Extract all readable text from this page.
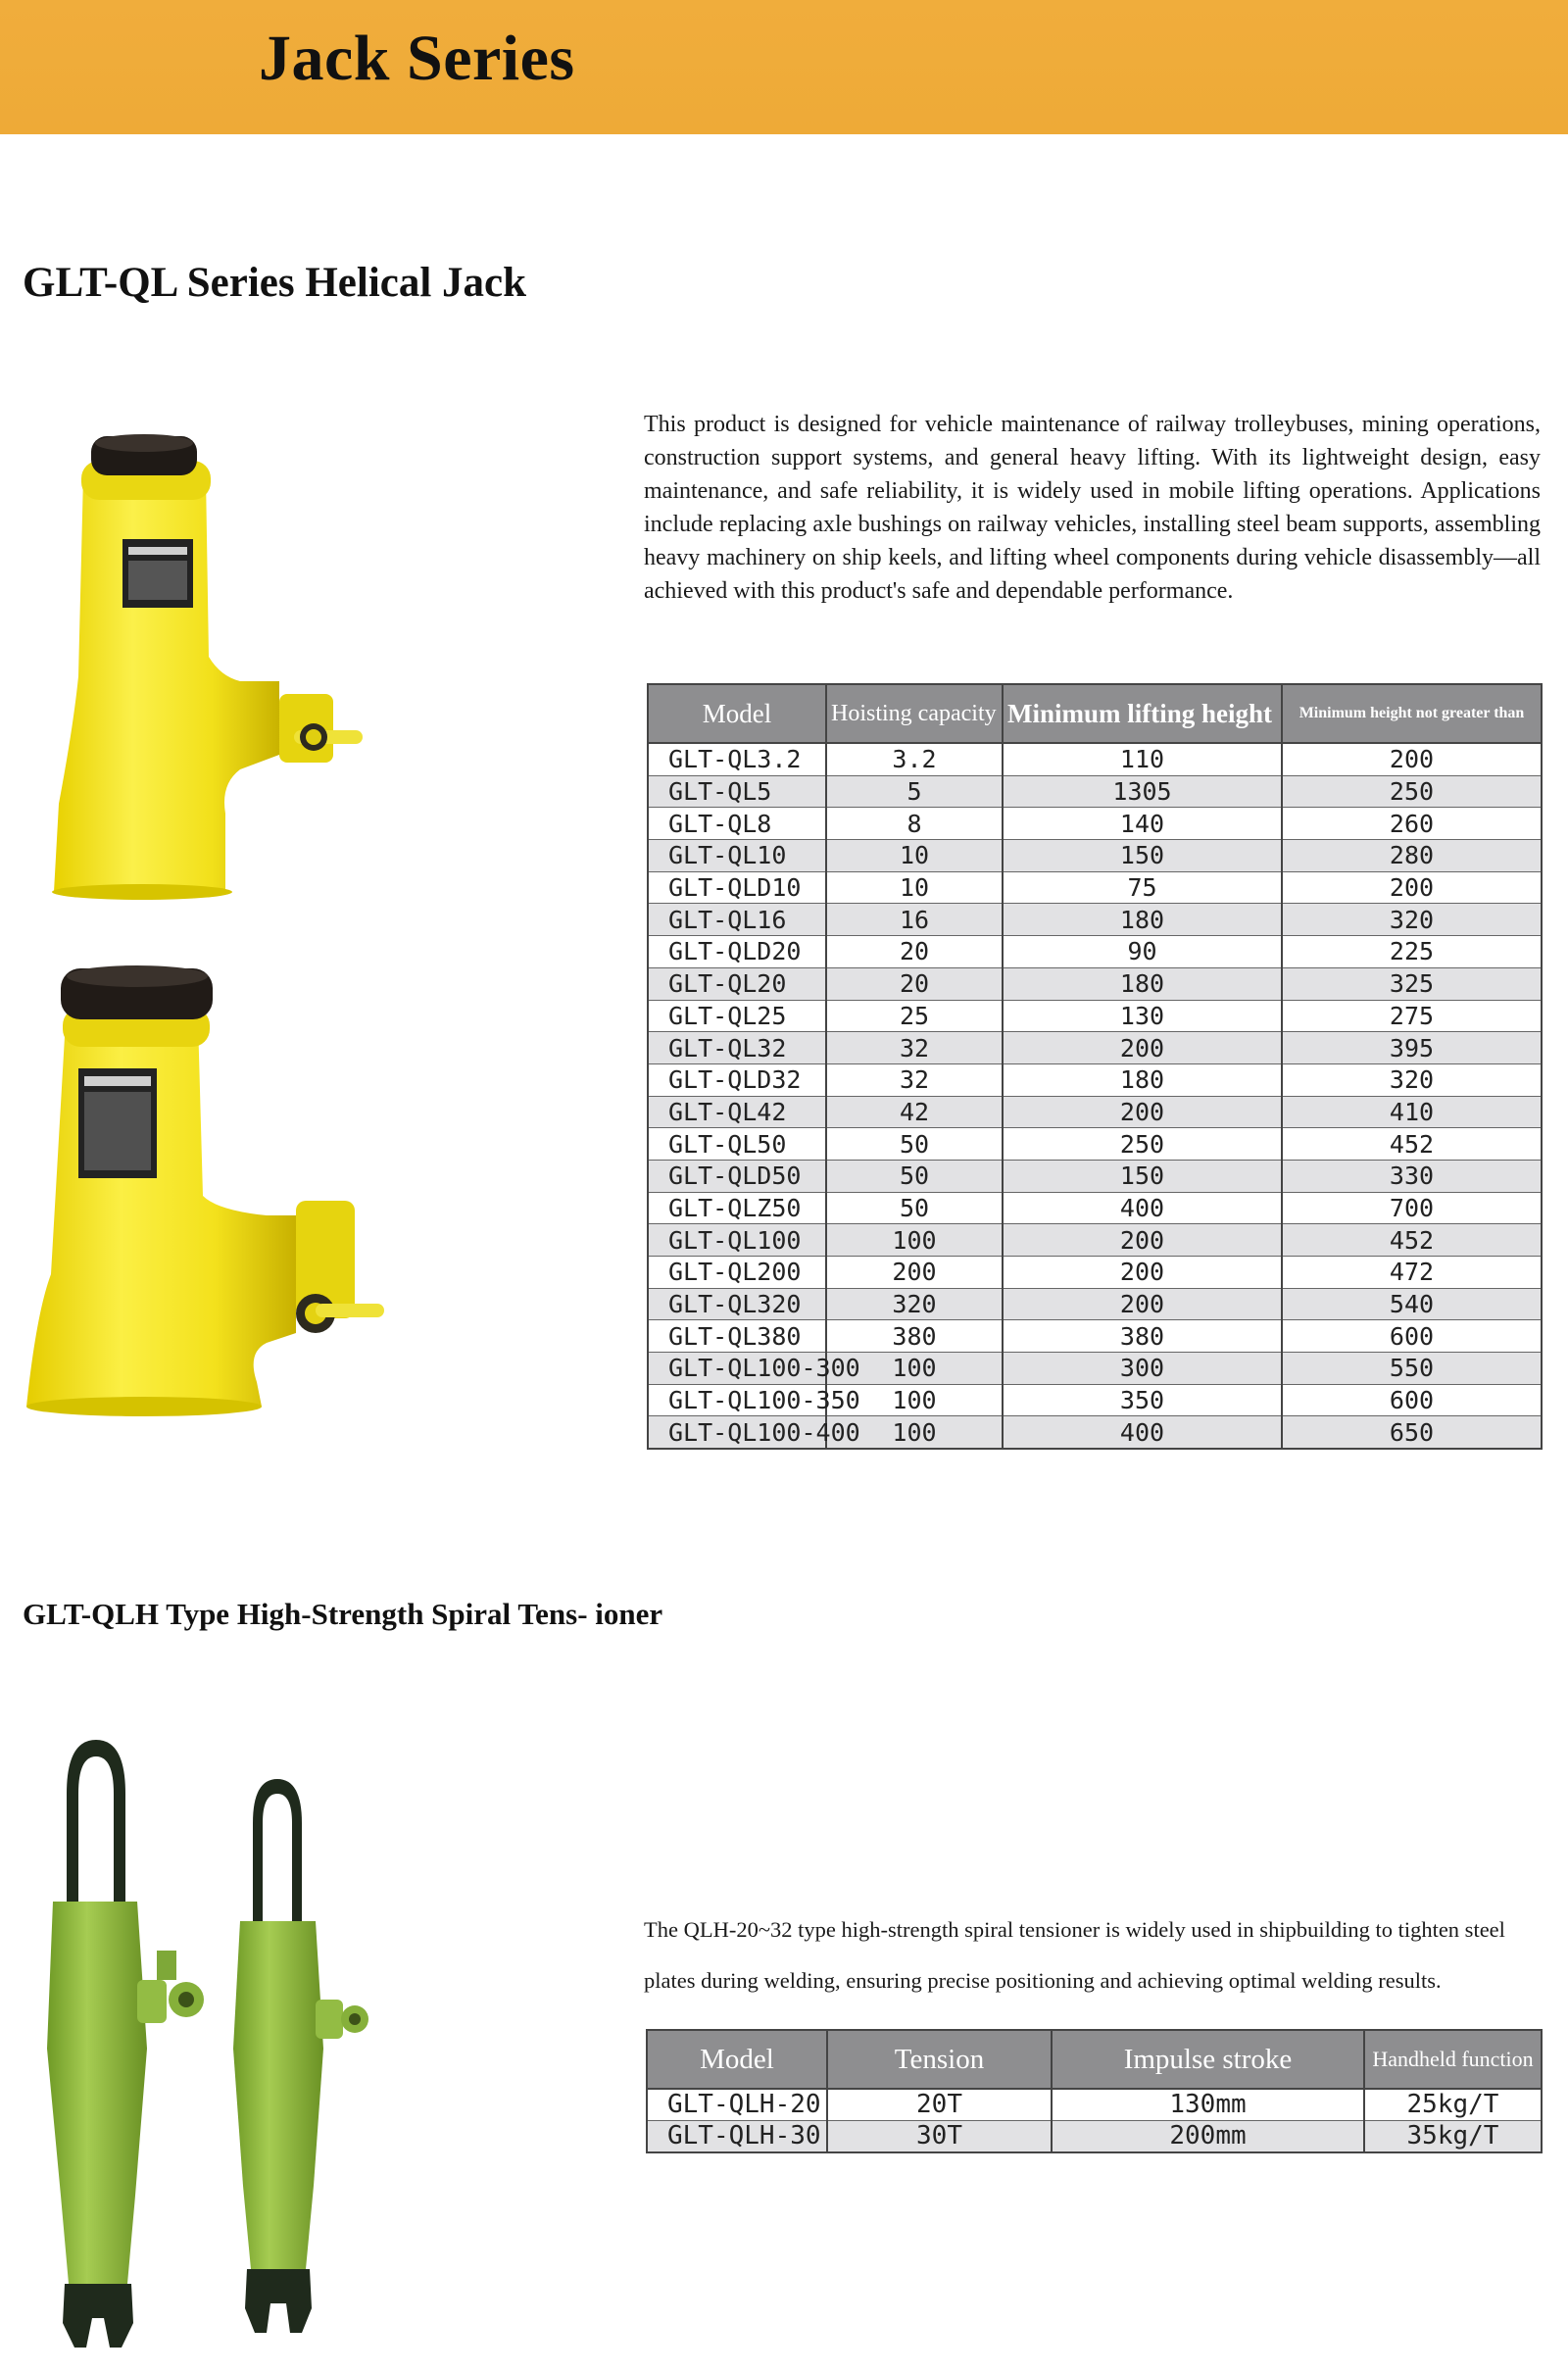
Jack Series
GLT-QL Series Helical Jack

This product is designed for vehicle maintenance of railway trolleybuses, mining operations, construction support systems, and general heavy lifting. With its lightweight design, easy maintenance, and safe reliability, it is widely used in mobile lifting operations. Applications include replacing axle bushings on railway vehicles, installing steel beam supports, assembling heavy machinery on ship keels, and lifting wheel components during vehicle disassembly—all achieved with this product's safe and dependable performance.

Model	Hoisting capacity	Minimum lifting height	Minimum height not greater than
GLT-QL3.2	3.2	110	200
GLT-QL5	5	1305	250
GLT-QL8	8	140	260
GLT-QL10	10	150	280
GLT-QLD10	10	75	200
GLT-QL16	16	180	320
GLT-QLD20	20	90	225
GLT-QL20	20	180	325
GLT-QL25	25	130	275
GLT-QL32	32	200	395
GLT-QLD32	32	180	320
GLT-QL42	42	200	410
GLT-QL50	50	250	452
GLT-QLD50	50	150	330
GLT-QLZ50	50	400	700
GLT-QL100	100	200	452
GLT-QL200	200	200	472
GLT-QL320	320	200	540
GLT-QL380	380	380	600
GLT-QL100-300	100	300	550
GLT-QL100-350	100	350	600
GLT-QL100-400	100	400	650
GLT-QLH Type High-Strength Spiral Tens- ioner

The QLH-20~32 type high-strength spiral tensioner is widely used in shipbuilding to tighten steel plates during welding, ensuring precise positioning and achieving optimal welding results.

Model	Tension	Impulse stroke	Handheld function
GLT-QLH-20	20T	130mm	25kg/T
GLT-QLH-30	30T	200mm	35kg/T
